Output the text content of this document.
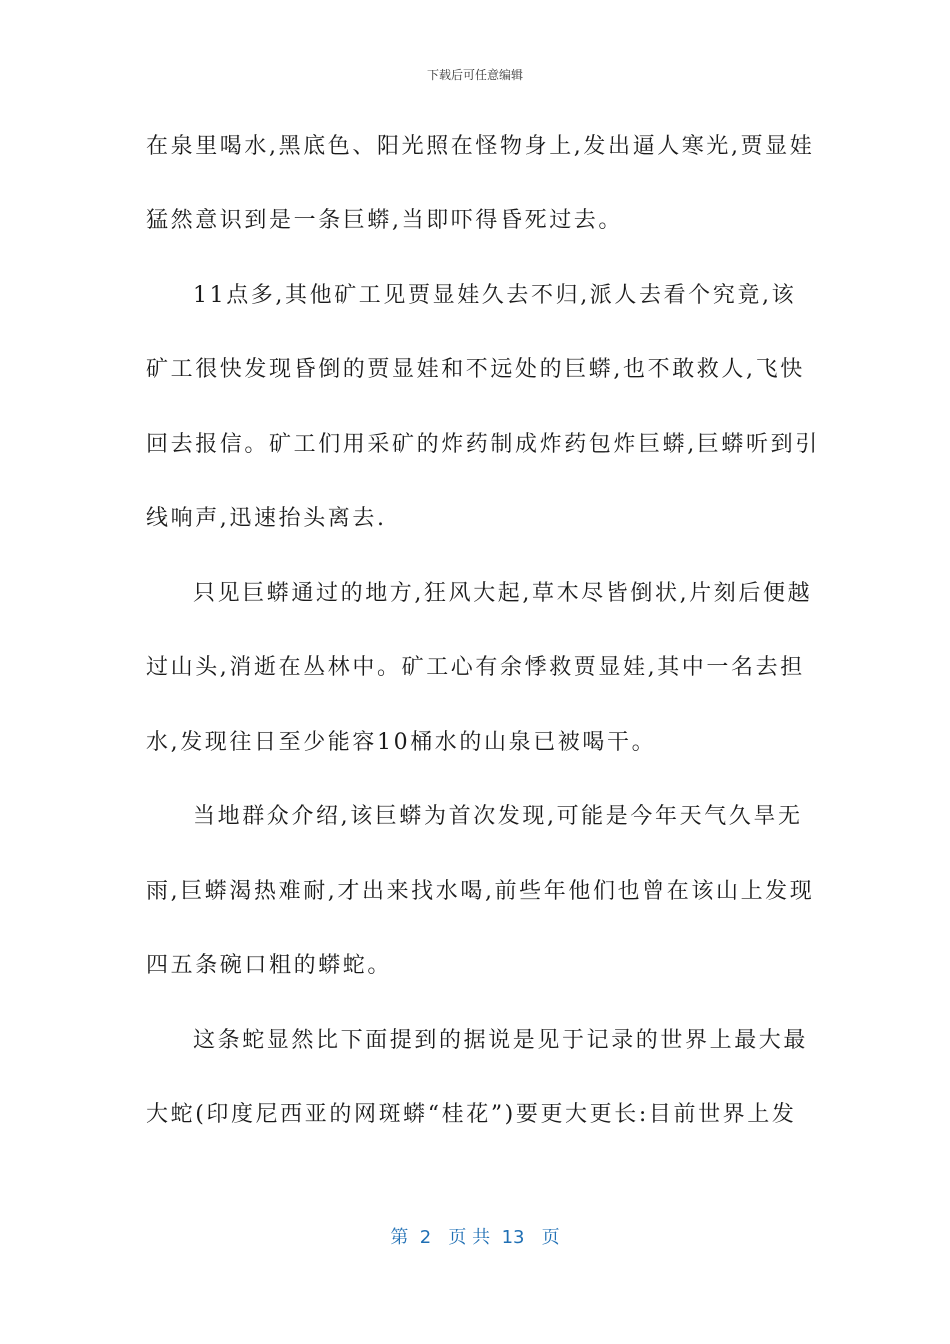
下载后可任意编辑
在泉里喝水,黑底色、阳光照在怪物身上,发出逼人寒光,贾显娃
猛然意识到是一条巨蟒,当即吓得昏死过去。
11点多,其他矿工见贾显娃久去不归,派人去看个究竟,该
矿工很快发现昏倒的贾显娃和不远处的巨蟒,也不敢救人,飞快
回去报信。矿工们用采矿的炸药制成炸药包炸巨蟒,巨蟒听到引
线响声,迅速抬头离去.
只见巨蟒通过的地方,狂风大起,草木尽皆倒状,片刻后便越
过山头,消逝在丛林中。矿工心有余悸救贾显娃,其中一名去担
水,发现往日至少能容10桶水的山泉已被喝干。
当地群众介绍,该巨蟒为首次发现,可能是今年天气久旱无
雨,巨蟒渴热难耐,才出来找水喝,前些年他们也曾在该山上发现
四五条碗口粗的蟒蛇。
这条蛇显然比下面提到的据说是见于记录的世界上最大最
大蛇(印度尼西亚的网斑蟒“桂花”)要更大更长:目前世界上发
第  2   页 共  13   页
